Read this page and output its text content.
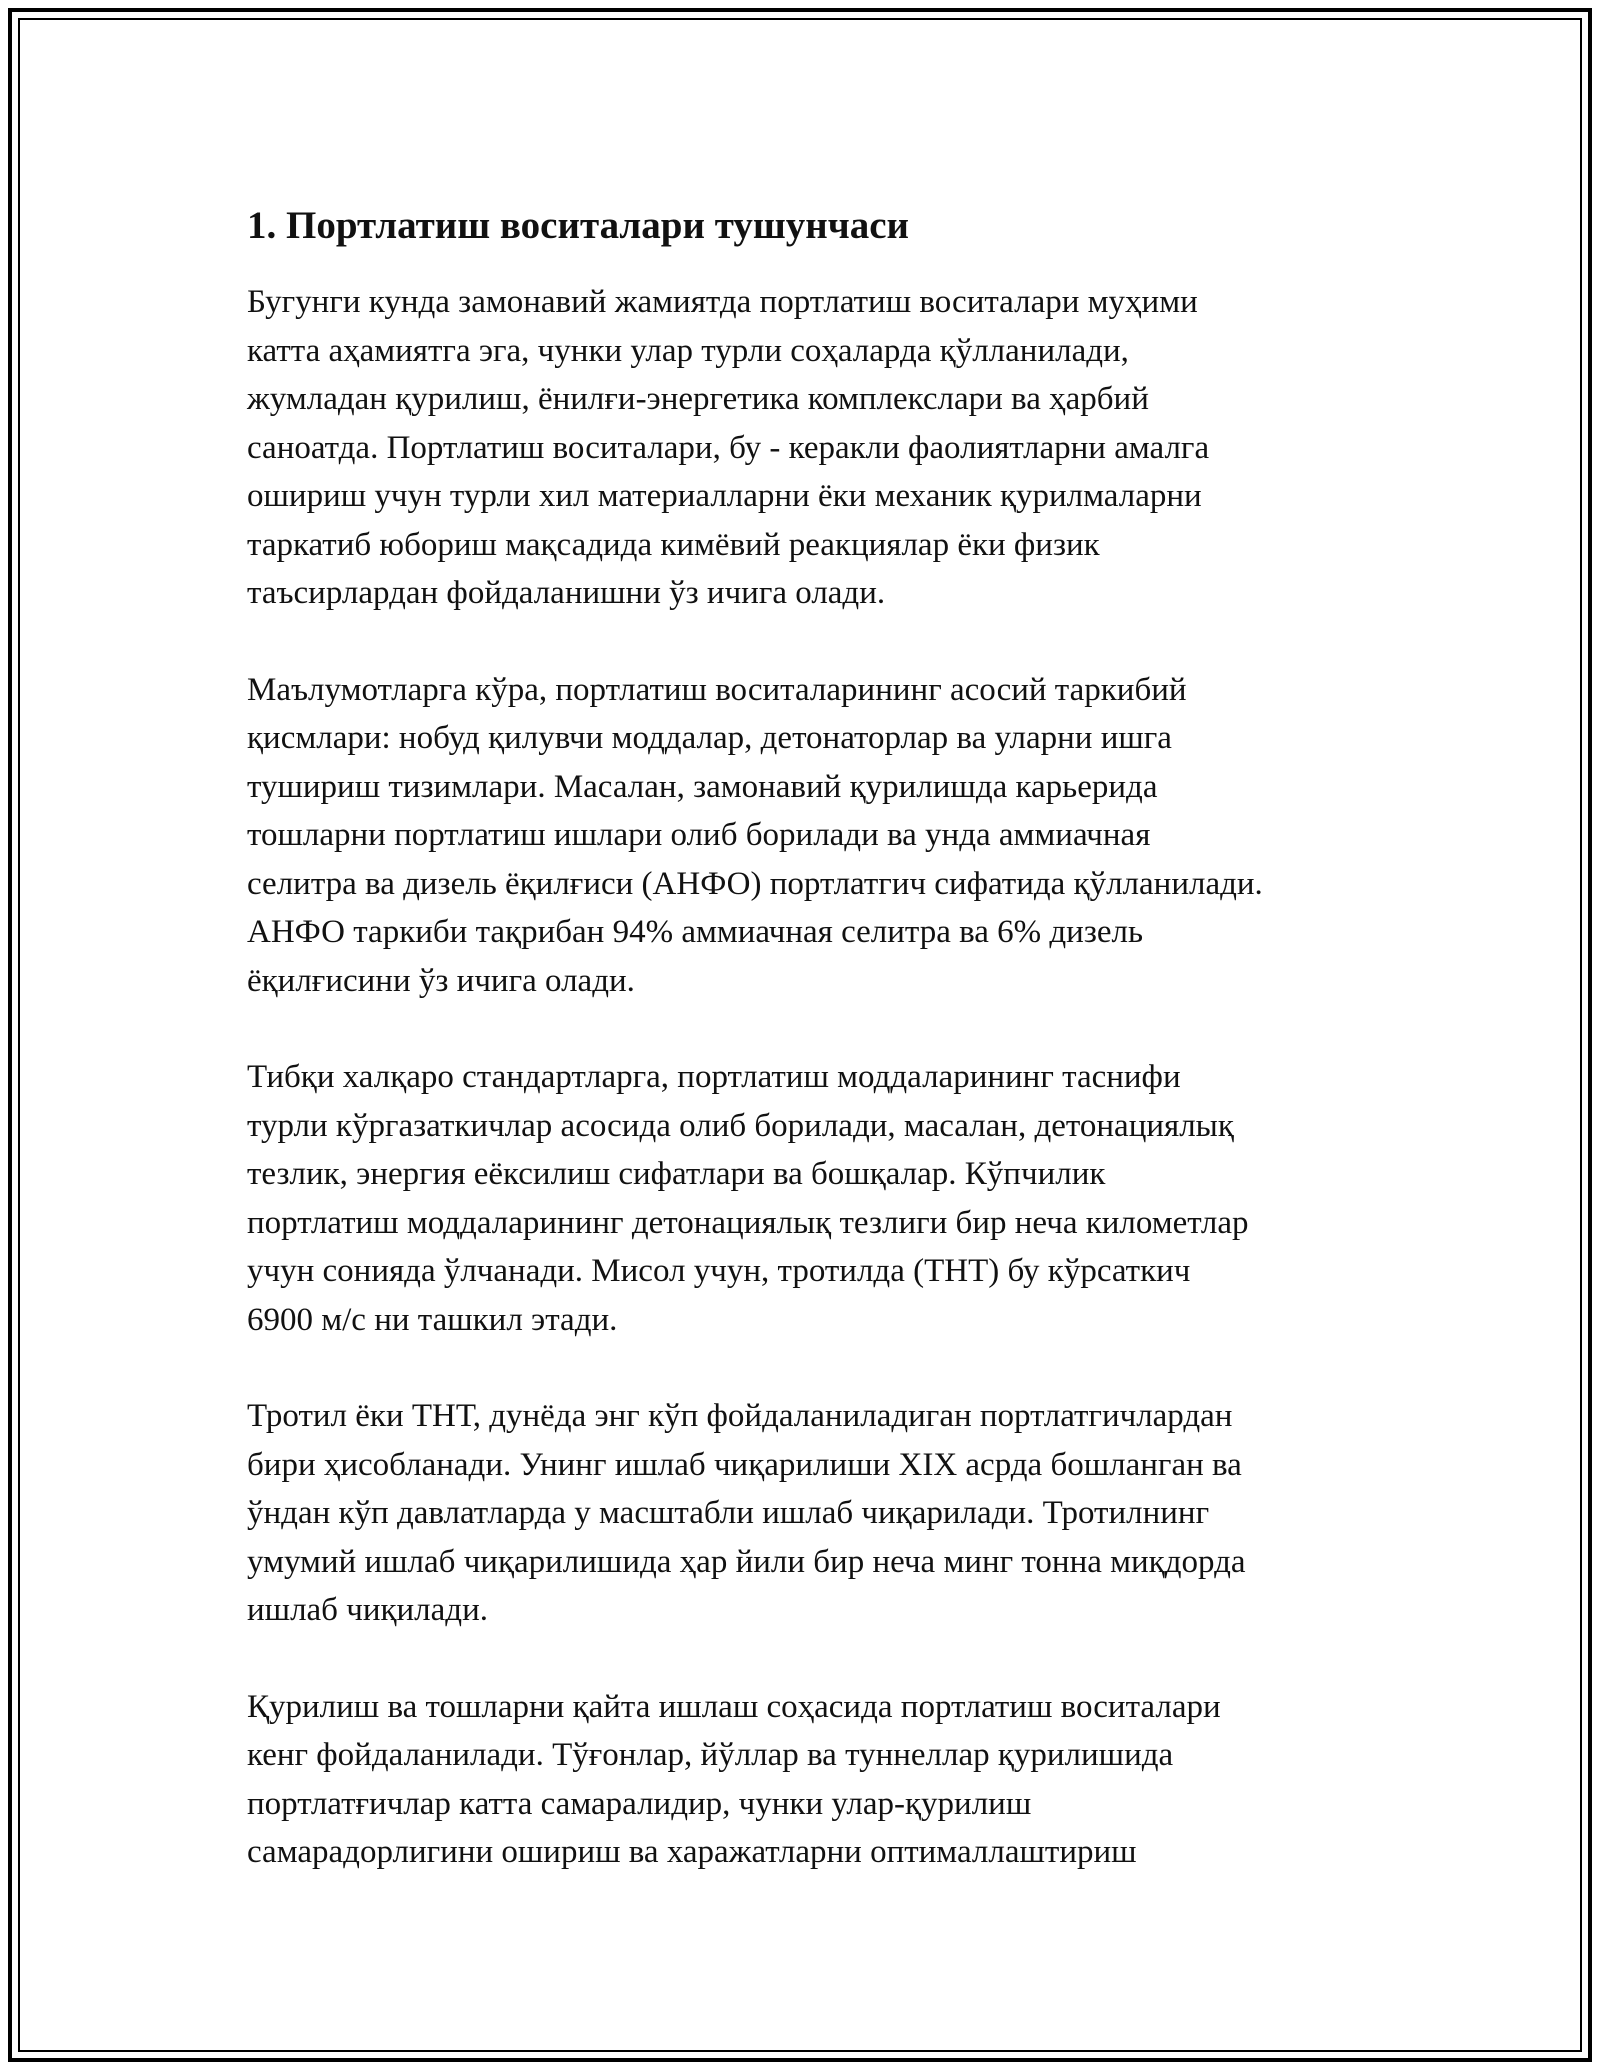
1. Портлатиш воситалари тушунчаси

Бугунги кунда замонавий жамиятда портлатиш воситалари муҳими
катта аҳамиятга эга, чунки улар турли соҳаларда қўлланилади,
жумладан қурилиш, ёнилғи-энергетика комплекслари ва ҳарбий
саноатда. Портлатиш воситалари, бу - керакли фаолиятларни амалга
ошириш учун турли хил материалларни ёки механик қурилмаларни
таркатиб юбориш мақсадида кимёвий реакциялар ёки физик
таъсирлардан фойдаланишни ўз ичига олади.

Маълумотларга кўра, портлатиш воситаларининг асосий таркибий
қисмлари: нобуд қилувчи моддалар, детонаторлар ва уларни ишга
тушириш тизимлари. Масалан, замонавий қурилишда карьерида
тошларни портлатиш ишлари олиб борилади ва унда аммиачная
селитра ва дизель ёқилғиси (АНФО) портлатгич сифатида қўлланилади.
АНФО таркиби тақрибан 94% аммиачная селитра ва 6% дизель
ёқилғисини ўз ичига олади.

Тибқи халқаро стандартларга, портлатиш моддаларининг таснифи
турли кўргазаткичлар асосида олиб борилади, масалан, детонациялық
тезлик, энергия еёксилиш сифатлари ва бошқалар. Кўпчилик
портлатиш моддаларининг детонациялық тезлиги бир неча километлар
учун сонияда ўлчанади. Мисол учун, тротилда (ТНТ) бу кўрсаткич
6900 м/с ни ташкил этади.

Тротил ёки ТНТ, дунёда энг кўп фойдаланиладиган портлатгичлардан
бири ҳисобланади. Унинг ишлаб чиқарилиши XIX асрда бошланган ва
ўндан кўп давлатларда у масштабли ишлаб чиқарилади. Тротилнинг
умумий ишлаб чиқарилишида ҳар йили бир неча минг тонна миқдорда
ишлаб чиқилади.

Қурилиш ва тошларни қайта ишлаш соҳасида портлатиш воситалари
кенг фойдаланилади. Тўғонлар, йўллар ва туннеллар қурилишида
портлатғичлар катта самаралидир, чунки улар-қурилиш
самарадорлигини ошириш ва харажатларни оптималлаштириш
